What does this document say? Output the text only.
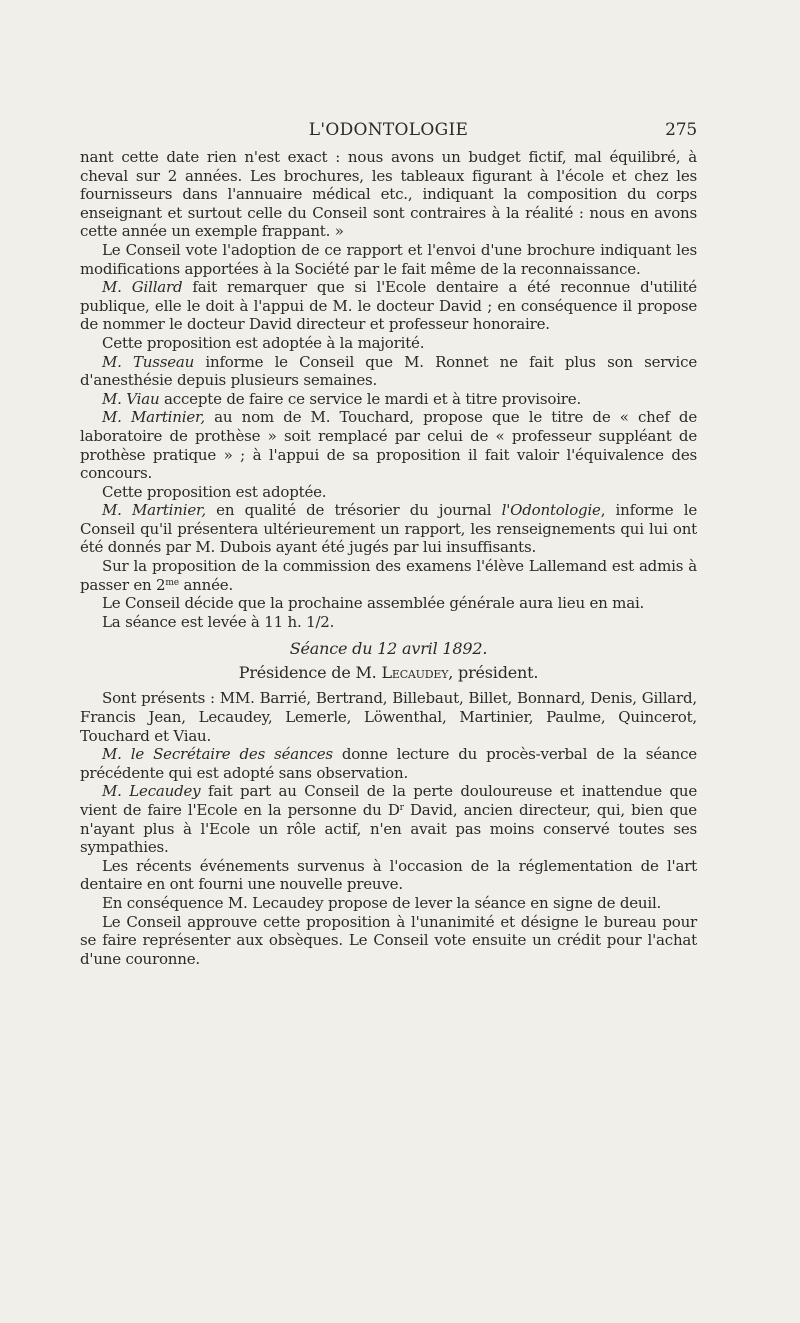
L'ODONTOLOGIE	275

nant cette date rien n'est exact : nous avons un budget fictif, mal équilibré, à cheval sur 2 années. Les brochures, les tableaux figurant à l'école et chez les fournisseurs dans l'annuaire médical etc., indiquant la composition du corps enseignant et surtout celle du Conseil sont contraires à la réalité : nous en avons cette année un exemple frappant. »

Le Conseil vote l'adoption de ce rapport et l'envoi d'une brochure indiquant les modifications apportées à la Société par le fait même de la reconnaissance.

M. Gillard fait remarquer que si l'Ecole dentaire a été reconnue d'utilité publique, elle le doit à l'appui de M. le docteur David ; en conséquence il propose de nommer le docteur David directeur et professeur honoraire.

Cette proposition est adoptée à la majorité.

M. Tusseau informe le Conseil que M. Ronnet ne fait plus son service d'anesthésie depuis plusieurs semaines.

M. Viau accepte de faire ce service le mardi et à titre provisoire.

M. Martinier, au nom de M. Touchard, propose que le titre de « chef de laboratoire de prothèse » soit remplacé par celui de « professeur suppléant de prothèse pratique » ; à l'appui de sa proposition il fait valoir l'équivalence des concours.

Cette proposition est adoptée.

M. Martinier, en qualité de trésorier du journal l'Odontologie, informe le Conseil qu'il présentera ultérieurement un rapport, les renseignements qui lui ont été donnés par M. Dubois ayant été jugés par lui insuffisants.

Sur la proposition de la commission des examens l'élève Lallemand est admis à passer en $2^{me}$ année.

Le Conseil décide que la prochaine assemblée générale aura lieu en mai.

La séance est levée à 11 h. 1/2.

Séance du 12 avril 1892.
Présidence de M. Lecaudey, président.

Sont présents : MM. Barrié, Bertrand, Billebaut, Billet, Bonnard, Denis, Gillard, Francis Jean, Lecaudey, Lemerle, Löwenthal, Martinier, Paulme, Quincerot, Touchard et Viau.

M. le Secrétaire des séances donne lecture du procès-verbal de la séance précédente qui est adopté sans observation.

M. Lecaudey fait part au Conseil de la perte douloureuse et inattendue que vient de faire l'Ecole en la personne du $D^r$ David, ancien directeur, qui, bien que n'ayant plus à l'Ecole un rôle actif, n'en avait pas moins conservé toutes ses sympathies.

Les récents événements survenus à l'occasion de la réglementation de l'art dentaire en ont fourni une nouvelle preuve.

En conséquence M. Lecaudey propose de lever la séance en signe de deuil.

Le Conseil approuve cette proposition à l'unanimité et désigne le bureau pour se faire représenter aux obsèques. Le Conseil vote ensuite un crédit pour l'achat d'une couronne.
